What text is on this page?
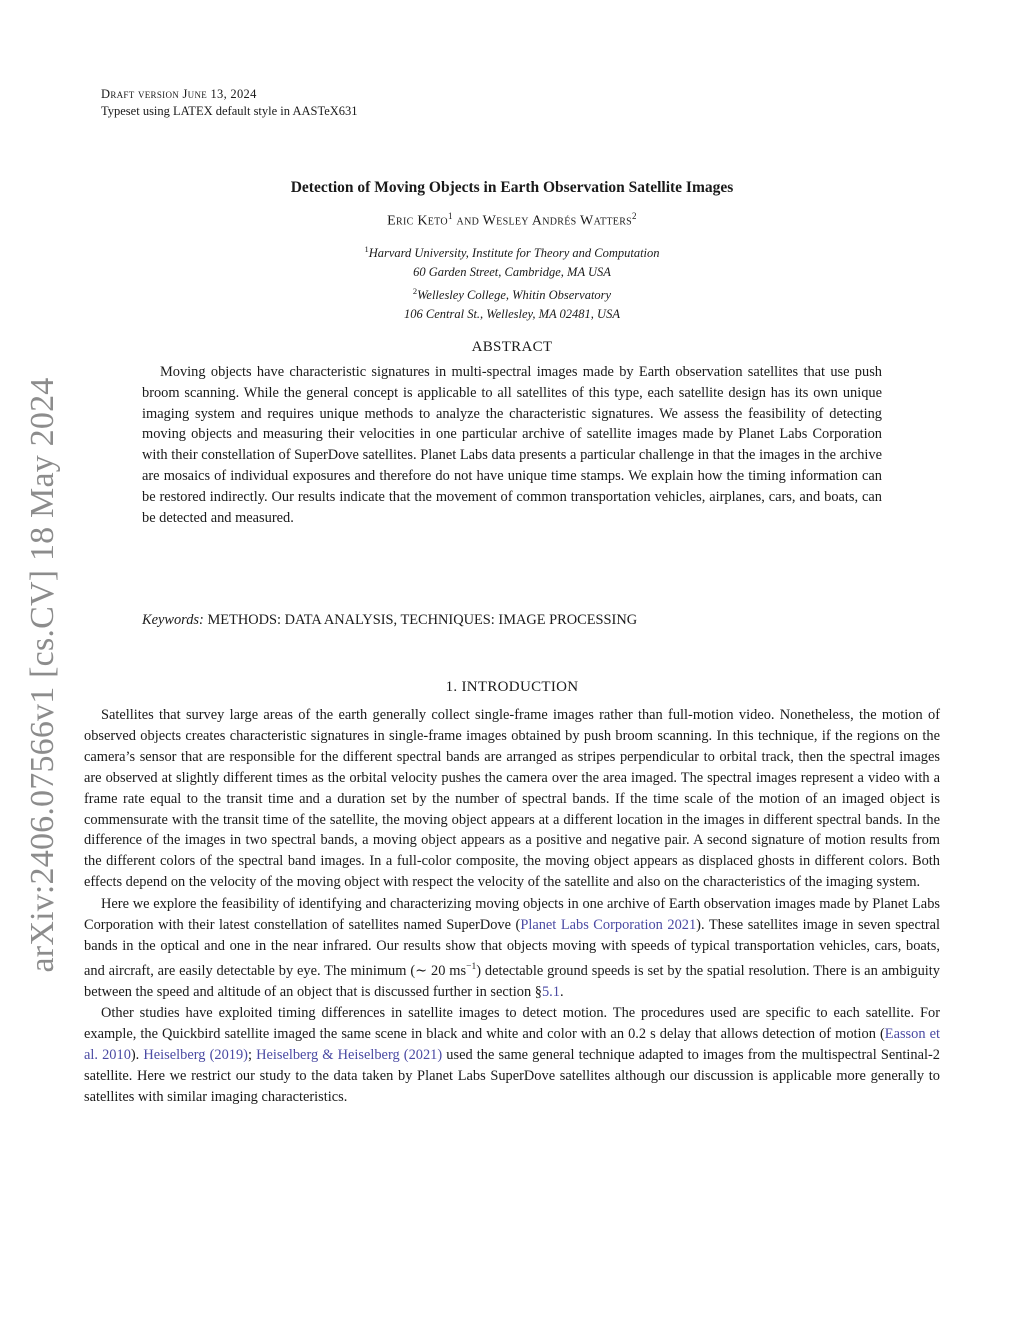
Draft version June 13, 2024
Typeset using LATEX default style in AASTeX631
arXiv:2406.07566v1 [cs.CV] 18 May 2024
Detection of Moving Objects in Earth Observation Satellite Images
Eric Keto$^1$ and Wesley Andrés Watters$^2$
$^1$Harvard University, Institute for Theory and Computation
60 Garden Street, Cambridge, MA USA
$^2$Wellesley College, Whitin Observatory
106 Central St., Wellesley, MA 02481, USA
ABSTRACT

Moving objects have characteristic signatures in multi-spectral images made by Earth observation satellites that use push broom scanning. While the general concept is applicable to all satellites of this type, each satellite design has its own unique imaging system and requires unique methods to analyze the characteristic signatures. We assess the feasibility of detecting moving objects and measuring their velocities in one particular archive of satellite images made by Planet Labs Corporation with their constellation of SuperDove satellites. Planet Labs data presents a particular challenge in that the images in the archive are mosaics of individual exposures and therefore do not have unique time stamps. We explain how the timing information can be restored indirectly. Our results indicate that the movement of common transportation vehicles, airplanes, cars, and boats, can be detected and measured.

Keywords: METHODS: DATA ANALYSIS, TECHNIQUES: IMAGE PROCESSING
1. INTRODUCTION

Satellites that survey large areas of the earth generally collect single-frame images rather than full-motion video. Nonetheless, the motion of observed objects creates characteristic signatures in single-frame images obtained by push broom scanning. In this technique, if the regions on the camera’s sensor that are responsible for the different spectral bands are arranged as stripes perpendicular to orbital track, then the spectral images are observed at slightly different times as the orbital velocity pushes the camera over the area imaged. The spectral images represent a video with a frame rate equal to the transit time and a duration set by the number of spectral bands. If the time scale of the motion of an imaged object is commensurate with the transit time of the satellite, the moving object appears at a different location in the images in different spectral bands. In the difference of the images in two spectral bands, a moving object appears as a positive and negative pair. A second signature of motion results from the different colors of the spectral band images. In a full-color composite, the moving object appears as displaced ghosts in different colors. Both effects depend on the velocity of the moving object with respect the velocity of the satellite and also on the characteristics of the imaging system.

Here we explore the feasibility of identifying and characterizing moving objects in one archive of Earth observation images made by Planet Labs Corporation with their latest constellation of satellites named SuperDove (Planet Labs Corporation 2021). These satellites image in seven spectral bands in the optical and one in the near infrared. Our results show that objects moving with speeds of typical transportation vehicles, cars, boats, and aircraft, are easily detectable by eye. The minimum (∼ 20 $ms^{-1}$) detectable ground speeds is set by the spatial resolution. There is an ambiguity between the speed and altitude of an object that is discussed further in section §5.1.

Other studies have exploited timing differences in satellite images to detect motion. The procedures used are specific to each satellite. For example, the Quickbird satellite imaged the same scene in black and white and color with an 0.2 s delay that allows detection of motion (Easson et al. 2010). Heiselberg (2019); Heiselberg & Heiselberg (2021) used the same general technique adapted to images from the multispectral Sentinal-2 satellite. Here we restrict our study to the data taken by Planet Labs SuperDove satellites although our discussion is applicable more generally to satellites with similar imaging characteristics.
